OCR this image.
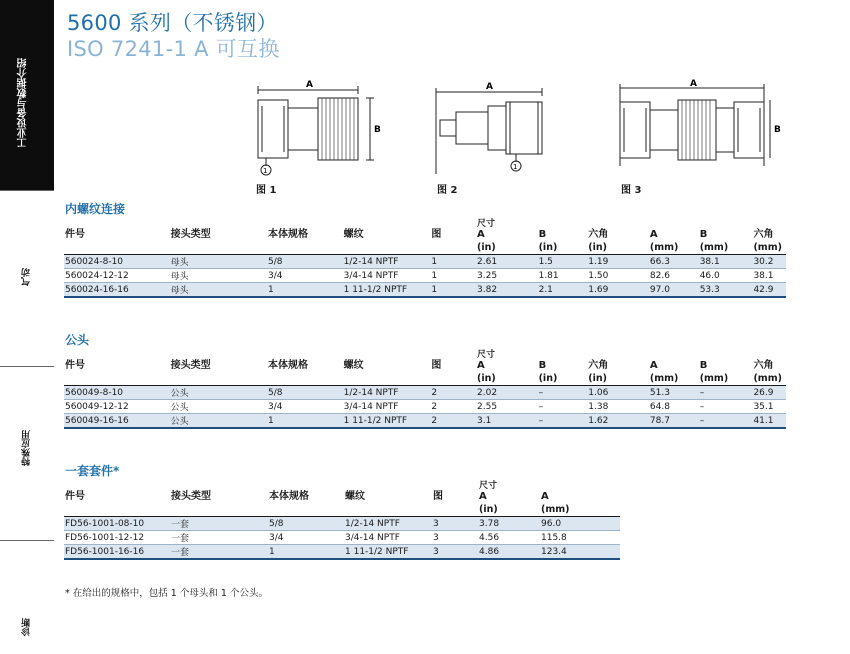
工业设备与数据介绍
气动
特殊应用
诊断
5600 系列（不锈钢）
ISO 7241-1 A 可互换
A
B
1
图 1
A
1
图 2
A
B
图 3
内螺纹连接
件号	接头类型	本体规格	螺纹	图	尺寸
A	B	六角	A	B	六角
					(in)	(in)	(in)	(mm)	(mm)	(mm)
560024-8-10	母头	5/8	1/2-14 NPTF	1	2.61	1.5	1.19	66.3	38.1	30.2
560024-12-12	母头	3/4	3/4-14 NPTF	1	3.25	1.81	1.50	82.6	46.0	38.1
560024-16-16	母头	1	1 11-1/2 NPTF	1	3.82	2.1	1.69	97.0	53.3	42.9
公头
件号	接头类型	本体规格	螺纹	图	尺寸
A	B	六角	A	B	六角
					(in)	(in)	(in)	(mm)	(mm)	(mm)
560049-8-10	公头	5/8	1/2-14 NPTF	2	2.02	–	1.06	51.3	–	26.9
560049-12-12	公头	3/4	3/4-14 NPTF	2	2.55	–	1.38	64.8	–	35.1
560049-16-16	公头	1	1 11-1/2 NPTF	2	3.1	–	1.62	78.7	–	41.1
一套套件*
件号	接头类型	本体规格	螺纹	图	尺寸
A	A
					(in)	(mm)
FD56-1001-08-10	一套	5/8	1/2-14 NPTF	3	3.78	96.0
FD56-1001-12-12	一套	3/4	3/4-14 NPTF	3	4.56	115.8
FD56-1001-16-16	一套	1	1 11-1/2 NPTF	3	4.86	123.4
* 在给出的规格中，包括 1 个母头和 1 个公头。
